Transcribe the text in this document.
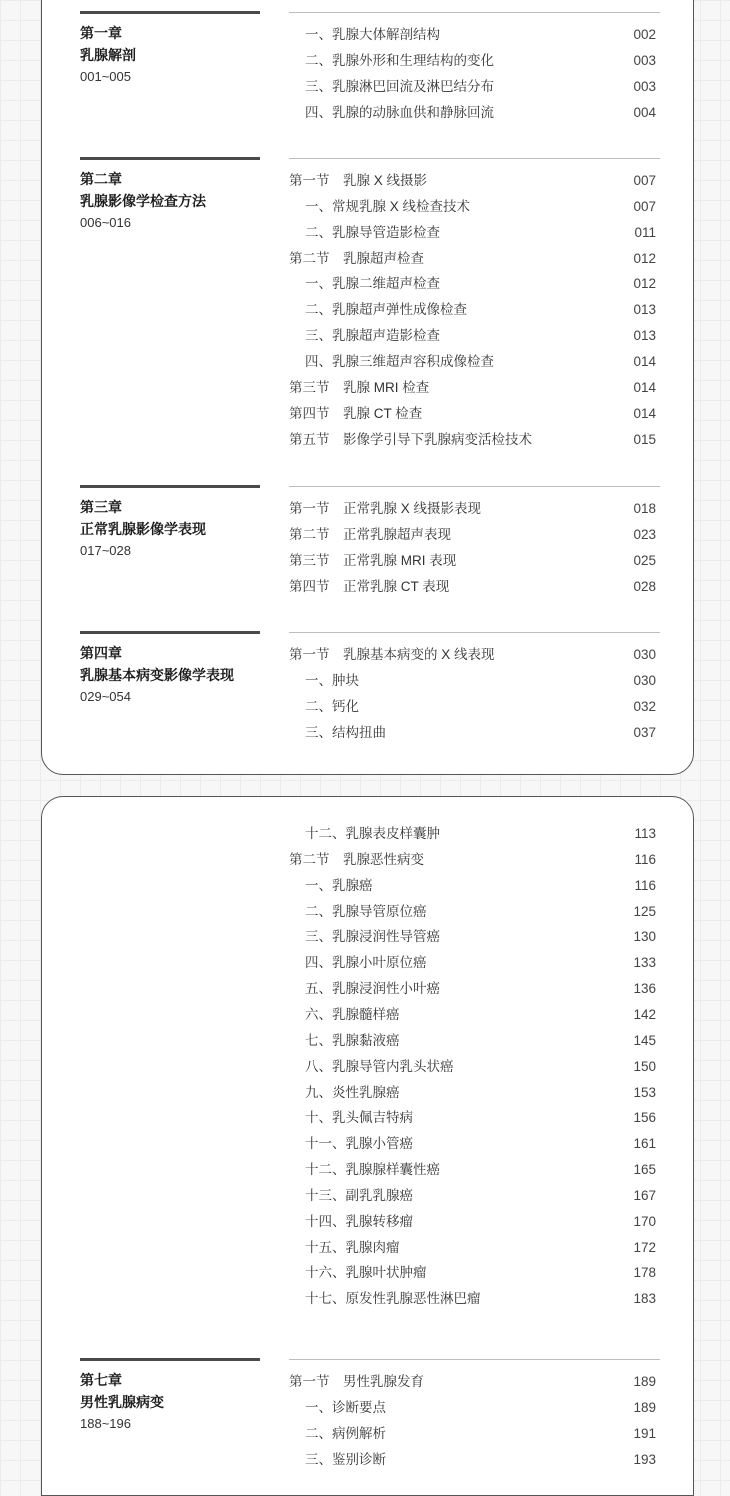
第一章
乳腺解剖
001~005
一、乳腺大体解剖结构	002
二、乳腺外形和生理结构的变化	003
三、乳腺淋巴回流及淋巴结分布	003
四、乳腺的动脉血供和静脉回流	004
第二章
乳腺影像学检查方法
006~016
第一节　乳腺 X 线摄影	007
一、常规乳腺 X 线检查技术	007
二、乳腺导管造影检查	011
第二节　乳腺超声检查	012
一、乳腺二维超声检查	012
二、乳腺超声弹性成像检查	013
三、乳腺超声造影检查	013
四、乳腺三维超声容积成像检查	014
第三节　乳腺 MRI 检查	014
第四节　乳腺 CT 检查	014
第五节　影像学引导下乳腺病变活检技术	015
第三章
正常乳腺影像学表现
017~028
第一节　正常乳腺 X 线摄影表现	018
第二节　正常乳腺超声表现	023
第三节　正常乳腺 MRI 表现	025
第四节　正常乳腺 CT 表现	028
第四章
乳腺基本病变影像学表现
029~054
第一节　乳腺基本病变的 X 线表现	030
一、肿块	030
二、钙化	032
三、结构扭曲	037
十二、乳腺表皮样囊肿	113
第二节　乳腺恶性病变	116
一、乳腺癌	116
二、乳腺导管原位癌	125
三、乳腺浸润性导管癌	130
四、乳腺小叶原位癌	133
五、乳腺浸润性小叶癌	136
六、乳腺髓样癌	142
七、乳腺黏液癌	145
八、乳腺导管内乳头状癌	150
九、炎性乳腺癌	153
十、乳头佩吉特病	156
十一、乳腺小管癌	161
十二、乳腺腺样囊性癌	165
十三、副乳乳腺癌	167
十四、乳腺转移瘤	170
十五、乳腺肉瘤	172
十六、乳腺叶状肿瘤	178
十七、原发性乳腺恶性淋巴瘤	183
第七章
男性乳腺病变
188~196
第一节　男性乳腺发育	189
一、诊断要点	189
二、病例解析	191
三、鉴别诊断	193
